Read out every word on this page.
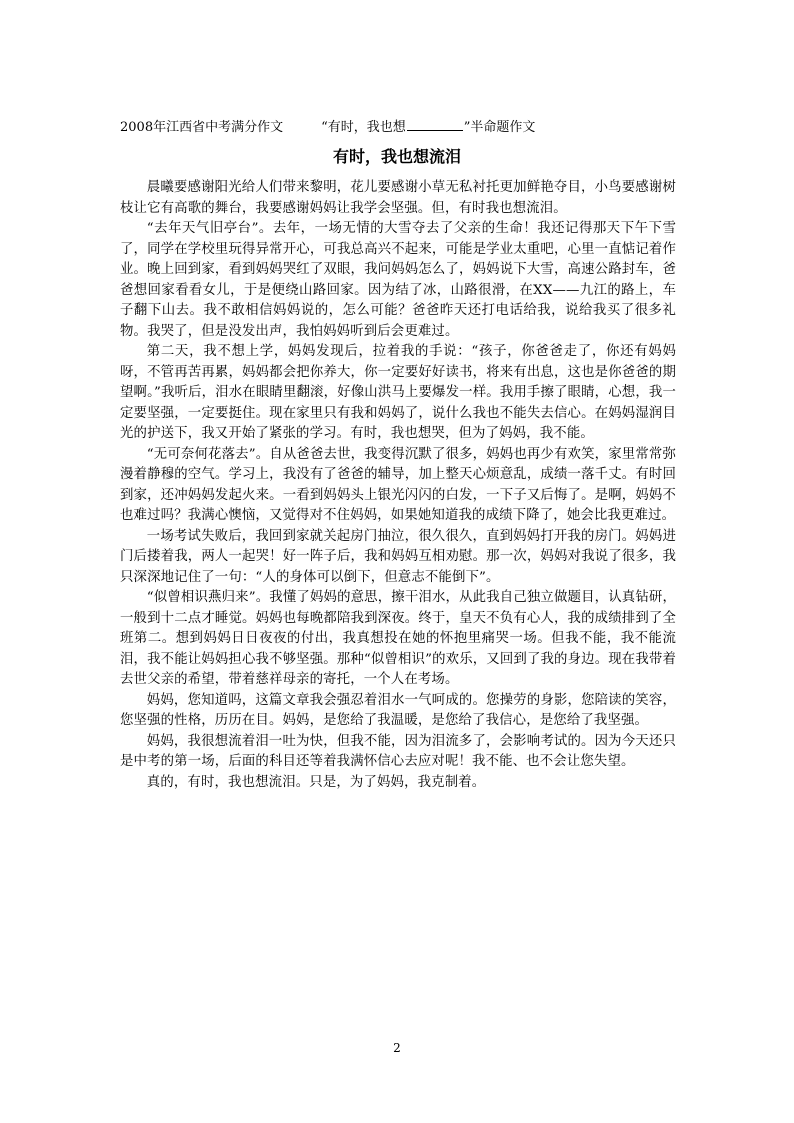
2008年江西省中考满分作文	“有时，我也想	”半命题作文
有时，我也想流泪

晨曦要感谢阳光给人们带来黎明，花儿要感谢小草无私衬托更加鲜艳夺目，小鸟要感谢树枝让它有高歌的舞台，我要感谢妈妈让我学会坚强。但，有时我也想流泪。

“去年天气旧亭台”。去年，一场无情的大雪夺去了父亲的生命！我还记得那天下午下雪了，同学在学校里玩得异常开心，可我总高兴不起来，可能是学业太重吧，心里一直惦记着作业。晚上回到家，看到妈妈哭红了双眼，我问妈妈怎么了，妈妈说下大雪，高速公路封车，爸爸想回家看看女儿，于是便绕山路回家。因为结了冰，山路很滑，在XX——九江的路上，车子翻下山去。我不敢相信妈妈说的，怎么可能？爸爸昨天还打电话给我，说给我买了很多礼物。我哭了，但是没发出声，我怕妈妈听到后会更难过。

第二天，我不想上学，妈妈发现后，拉着我的手说：“孩子，你爸爸走了，你还有妈妈呀，不管再苦再累，妈妈都会把你养大，你一定要好好读书，将来有出息，这也是你爸爸的期望啊。”我听后，泪水在眼睛里翻滚，好像山洪马上要爆发一样。我用手擦了眼睛，心想，我一定要坚强，一定要挺住。现在家里只有我和妈妈了，说什么我也不能失去信心。在妈妈湿润目光的护送下，我又开始了紧张的学习。有时，我也想哭，但为了妈妈，我不能。

“无可奈何花落去”。自从爸爸去世，我变得沉默了很多，妈妈也再少有欢笑，家里常常弥漫着静穆的空气。学习上，我没有了爸爸的辅导，加上整天心烦意乱，成绩一落千丈。有时回到家，还冲妈妈发起火来。一看到妈妈头上银光闪闪的白发，一下子又后悔了。是啊，妈妈不也难过吗？我满心懊恼，又觉得对不住妈妈，如果她知道我的成绩下降了，她会比我更难过。

一场考试失败后，我回到家就关起房门抽泣，很久很久，直到妈妈打开我的房门。妈妈进门后搂着我，两人一起哭！好一阵子后，我和妈妈互相劝慰。那一次，妈妈对我说了很多，我只深深地记住了一句：“人的身体可以倒下，但意志不能倒下”。

“似曾相识燕归来”。我懂了妈妈的意思，擦干泪水，从此我自己独立做题目，认真钻研，一般到十二点才睡觉。妈妈也每晚都陪我到深夜。终于，皇天不负有心人，我的成绩排到了全班第二。想到妈妈日日夜夜的付出，我真想投在她的怀抱里痛哭一场。但我不能，我不能流泪，我不能让妈妈担心我不够坚强。那种“似曾相识”的欢乐，又回到了我的身边。现在我带着去世父亲的希望，带着慈祥母亲的寄托，一个人在考场。

妈妈，您知道吗，这篇文章我会强忍着泪水一气呵成的。您操劳的身影，您陪读的笑容，您坚强的性格，历历在目。妈妈，是您给了我温暖，是您给了我信心，是您给了我坚强。

妈妈，我很想流着泪一吐为快，但我不能，因为泪流多了，会影响考试的。因为今天还只是中考的第一场，后面的科目还等着我满怀信心去应对呢！我不能、也不会让您失望。

真的，有时，我也想流泪。只是，为了妈妈，我克制着。

2
